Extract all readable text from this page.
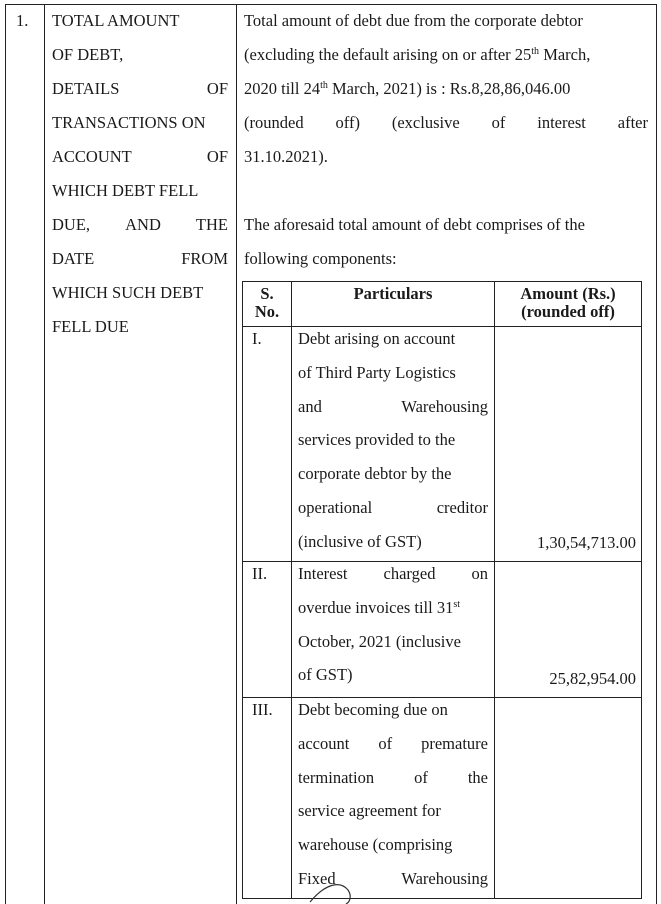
1. TOTAL AMOUNT
OF DEBT,
DETAILS	OF
TRANSACTIONS ON
ACCOUNT	OF
WHICH DEBT FELL
DUE, AND THE
DATE	FROM
WHICH SUCH DEBT
FELL DUE
Total amount of debt due from the corporate debtor
(excluding the default arising on or after 25th March,
2020 till 24th March, 2021) is : Rs.8,28,86,046.00
(rounded off) (exclusive of interest after
31.10.2021).
The aforesaid total amount of debt comprises of the
following components:
S.
No.
Particulars	Amount (Rs.)
(rounded off)
I. Debt arising on account
of Third Party Logistics
and	Warehousing
services provided to the
corporate debtor by the
operational	creditor
(inclusive of GST)	1,30,54,713.00
II. Interest charged on
overdue invoices till 31st
October, 2021 (inclusive
of GST)	25,82,954.00
III. Debt becoming due on
account of premature
termination of the
service agreement for
warehouse (comprising
Fixed	Warehousing
